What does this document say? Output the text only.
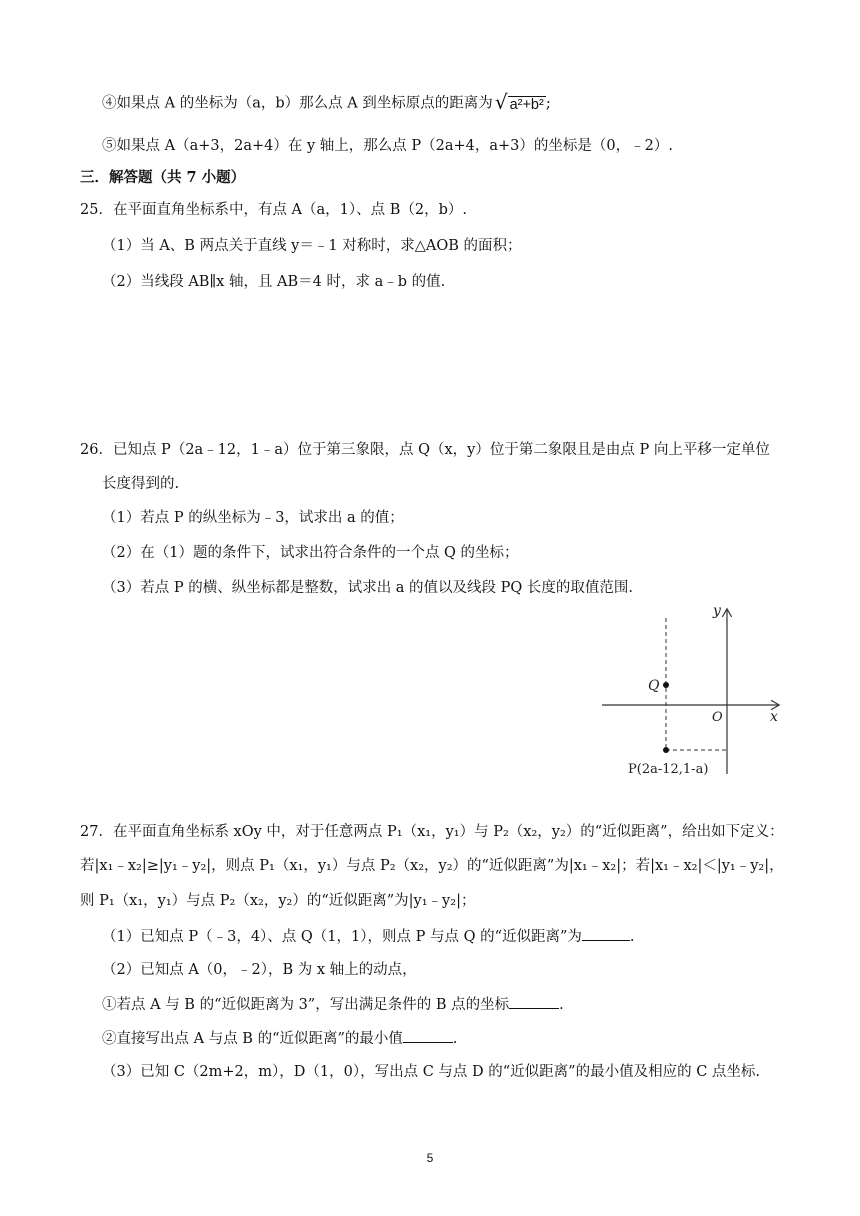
④如果点 A 的坐标为（a，b）那么点 A 到坐标原点的距离为 √ a²+b² ;
⑤如果点 A（a+3，2a+4）在 y 轴上，那么点 P（2a+4，a+3）的坐标是（0，﹣2）.
三．解答题（共 7 小题）
25．在平面直角坐标系中，有点 A（a，1）、点 B（2，b）.
（1）当 A、B 两点关于直线 y＝﹣1 对称时，求△AOB 的面积；
（2）当线段 AB∥x 轴，且 AB＝4 时，求 a﹣b 的值.
26．已知点 P（2a﹣12，1﹣a）位于第三象限，点 Q（x，y）位于第二象限且是由点 P 向上平移一定单位
长度得到的.
（1）若点 P 的纵坐标为﹣3，试求出 a 的值；
（2）在（1）题的条件下，试求出符合条件的一个点 Q 的坐标；
（3）若点 P 的横、纵坐标都是整数，试求出 a 的值以及线段 PQ 长度的取值范围.
y
x
O
Q
P(2a-12,1-a)
27．在平面直角坐标系 xOy 中，对于任意两点 P₁（x₁，y₁）与 P₂（x₂，y₂）的“近似距离”，给出如下定义：
若|x₁﹣x₂|≥|y₁﹣y₂|，则点 P₁（x₁，y₁）与点 P₂（x₂，y₂）的“近似距离”为|x₁﹣x₂|；若|x₁﹣x₂|＜|y₁﹣y₂|，
则 P₁（x₁，y₁）与点 P₂（x₂，y₂）的“近似距离”为|y₁﹣y₂|；
（1）已知点 P（﹣3，4）、点 Q（1，1），则点 P 与点 Q 的“近似距离”为	.
（2）已知点 A（0，﹣2），B 为 x 轴上的动点，
①若点 A 与 B 的“近似距离为 3”，写出满足条件的 B 点的坐标	.
②直接写出点 A 与点 B 的“近似距离”的最小值	.
（3）已知 C（2m+2，m），D（1，0），写出点 C 与点 D 的“近似距离”的最小值及相应的 C 点坐标.
5
